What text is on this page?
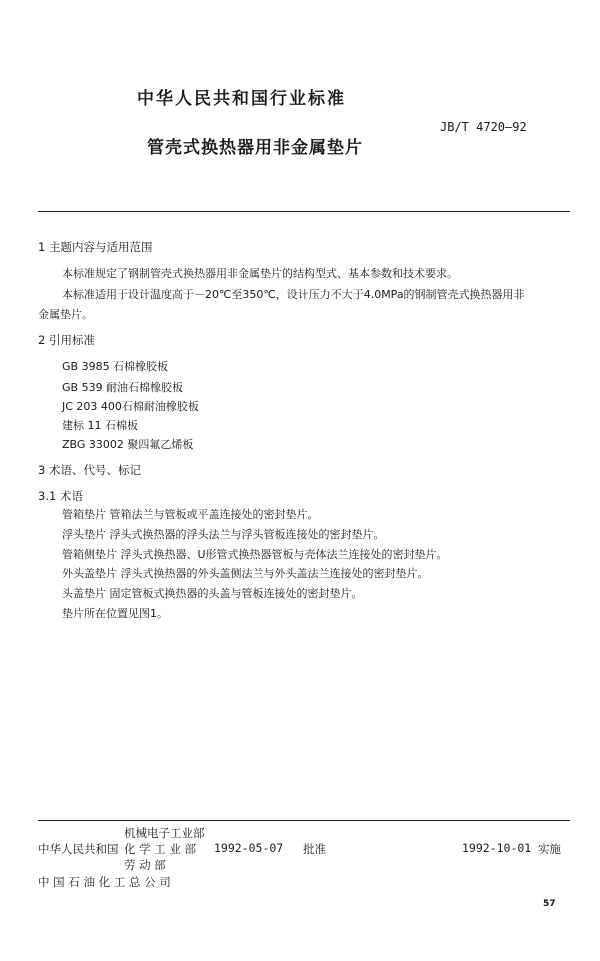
中华人民共和国行业标准
JB/T 4720—92
管壳式换热器用非金属垫片
1 主题内容与适用范围
本标准规定了钢制管壳式换热器用非金属垫片的结构型式、基本参数和技术要求。
本标准适用于设计温度高于－20℃至350℃，设计压力不大于4.0MPa的钢制管壳式换热器用非
金属垫片。
2 引用标准
GB 3985 石棉橡胶板
GB 539 耐油石棉橡胶板
JC 203 400石棉耐油橡胶板
建标 11 石棉板
ZBG 33002 聚四氟乙烯板
3 术语、代号、标记
3.1 术语
管箱垫片 管箱法兰与管板或平盖连接处的密封垫片。
浮头垫片 浮头式换热器的浮头法兰与浮头管板连接处的密封垫片。
管箱侧垫片 浮头式换热器、U形管式换热器管板与壳体法兰连接处的密封垫片。
外头盖垫片 浮头式换热器的外头盖侧法兰与外头盖法兰连接处的密封垫片。
头盖垫片 固定管板式换热器的头盖与管板连接处的密封垫片。
垫片所在位置见图1。
机械电子工业部
中华人民共和国 化 学 工 业 部
劳 动 部
中 国 石 油 化 工 总 公 司
1992-05-07 批准	1992-10-01 实施
57
